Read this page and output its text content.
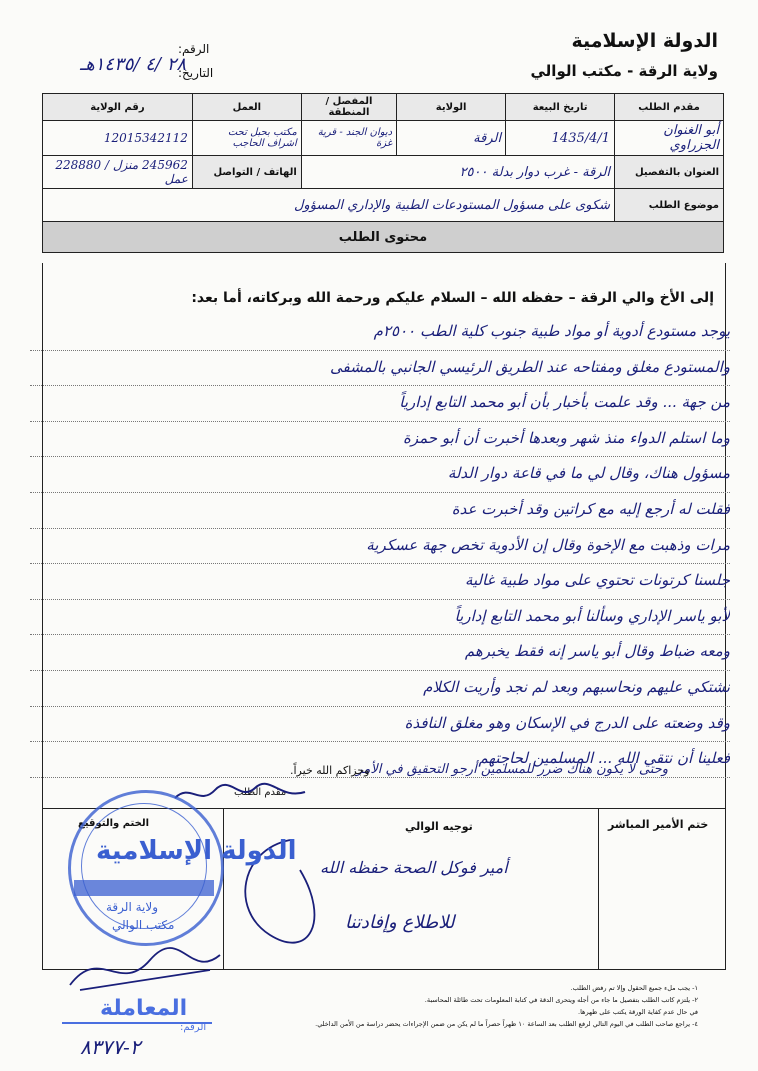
الدولة الإسلامية
ولاية الرقة - مكتب الوالي
الرقم:
التاريخ:
٢٨ /٤ /١٤٣٥هـ
مقدم الطلب	تاريخ البيعة	الولاية	المفصل / المنطقة	العمل	رقم الولاية
أبو الغنوان الجزراوي	1435/4/1	الرقة	ديوان الجند - قرية غزة	مكتب بحبل تحت اشراف الحاجب	12015342112
العنوان بالتفصيل	الرقة - غرب دوار بدلة ٢٥٠٠			الهاتف / التواصل	245962 منزل / 228880 عمل
موضوع الطلب	شكوى على مسؤول المستودعات الطبية والإداري المسؤول				
محتوى الطلب					
إلى الأخ والي الرقة – حفظه الله – السلام عليكم ورحمة الله وبركاته، أما بعد:
يوجد مستودع أدوية أو مواد طبية جنوب كلية الطب ٢٥٠٠م
والمستودع مغلق ومفتاحه عند الطريق الرئيسي الجانبي بالمشفى
من جهة ... وقد علمت بأخبار بأن أبو محمد التابع إدارياً
وما استلم الدواء منذ شهر وبعدها أخبرت أن أبو حمزة
مسؤول هناك، وقال لي ما في قاعة دوار الدلة
فقلت له أرجع إليه مع كراتين وقد أخبرت عدة
مرات وذهبت مع الإخوة وقال إن الأدوية تخص جهة عسكرية
جلسنا كرتونات تحتوي على مواد طبية غالية
لأبو ياسر الإداري وسألنا أبو محمد التابع إدارياً
ومعه ضباط وقال أبو ياسر إنه فقط يخبرهم
نشتكي عليهم ونحاسبهم وبعد لم نجد وأريت الكلام
وقد وضعته على الدرج في الإسكان وهو مغلق النافذة
فعلينا أن نتقي الله ... المسلمين لحاجتهم
وحتى لا يكون هناك ضرر للمسلمين أرجو التحقيق في الأمر
وجزاكم الله خيراً.
مقدم الطلب
الختم والتوقيع	توجيه الوالي	ختم الأمير المباشر
أمير فوكل الصحة حفظه الله
للاطلاع وإفادتنا
الدولة الإسلامية
ولاية الرقة
مكتب الوالي
المعاملة
الرقم:
٢-٨٣٧٧
١- يجب ملء جميع الحقول وإلا تم رفض الطلب.
٢- يلتزم كاتب الطلب بتفصيل ما جاء من أجله ويتحرى الدقة في كتابة المعلومات تحت طائلة المحاسبة.
في حال عدم كفاية الورقة يكتب على ظهرها.
٤- يراجع صاحب الطلب في اليوم التالي لرفع الطلب بعد الساعة ١٠ ظهراً حصراً ما لم يكن من ضمن الإجراءات يحضر دراسة من الأمن الداخلي.
